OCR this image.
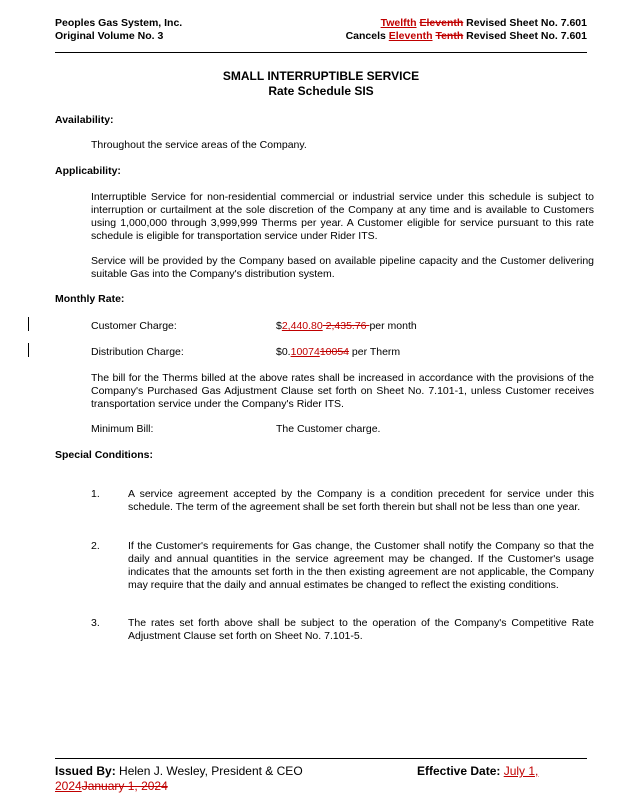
Peoples Gas System, Inc.
Original Volume No. 3
Twelfth Eleventh Revised Sheet No. 7.601
Cancels Eleventh Tenth Revised Sheet No. 7.601
SMALL INTERRUPTIBLE SERVICE
Rate Schedule SIS
Availability:
Throughout the service areas of the Company.
Applicability:
Interruptible Service for non-residential commercial or industrial service under this schedule is subject to interruption or curtailment at the sole discretion of the Company at any time and is available to Customers using 1,000,000 through 3,999,999 Therms per year. A Customer eligible for service pursuant to this rate schedule is eligible for transportation service under Rider ITS.
Service will be provided by the Company based on available pipeline capacity and the Customer delivering suitable Gas into the Company's distribution system.
Monthly Rate:
Customer Charge:	$2,440.80 2,435.76 per month
Distribution Charge:	$0.1007410054 per Therm
The bill for the Therms billed at the above rates shall be increased in accordance with the provisions of the Company's Purchased Gas Adjustment Clause set forth on Sheet No. 7.101-1, unless Customer receives transportation service under the Company's Rider ITS.
Minimum Bill:	The Customer charge.
Special Conditions:
1.	A service agreement accepted by the Company is a condition precedent for service under this schedule. The term of the agreement shall be set forth therein but shall not be less than one year.
2.	If the Customer's requirements for Gas change, the Customer shall notify the Company so that the daily and annual quantities in the service agreement may be changed. If the Customer's usage indicates that the amounts set forth in the then existing agreement are not applicable, the Company may require that the daily and annual estimates be changed to reflect the existing conditions.
3.	The rates set forth above shall be subject to the operation of the Company's Competitive Rate Adjustment Clause set forth on Sheet No. 7.101-5.
Issued By: Helen J. Wesley, President & CEO	Effective Date: July 1,
2024January 1, 2024
